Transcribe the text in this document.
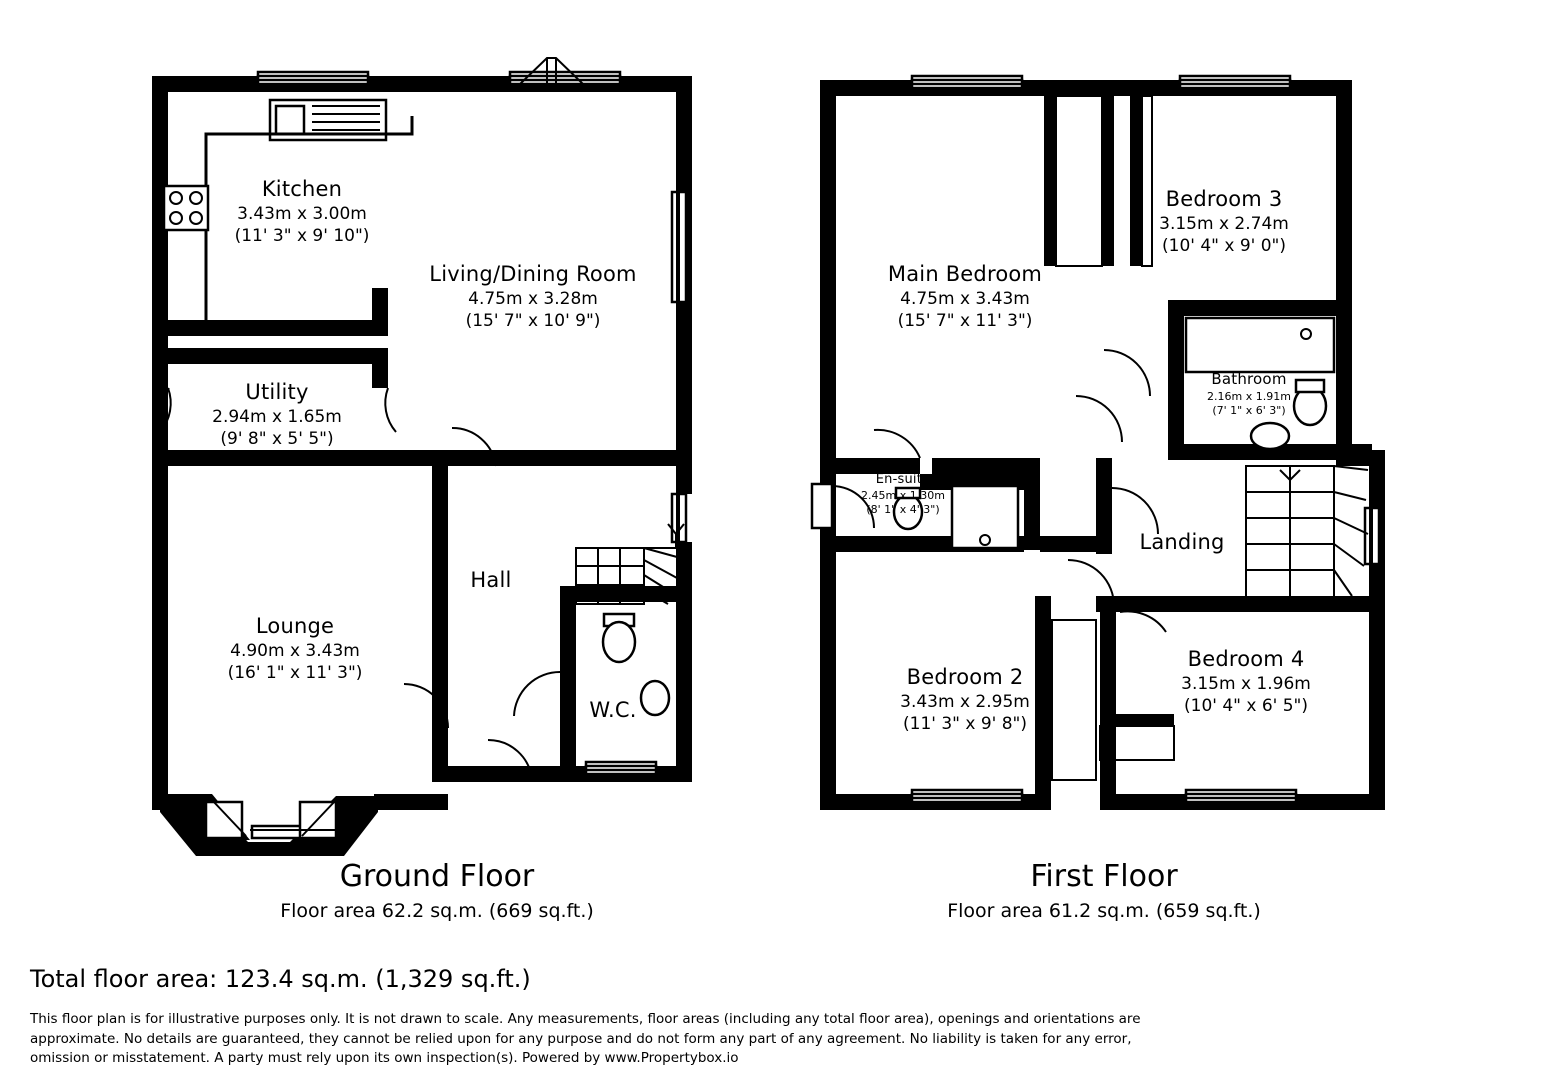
Kitchen
3.43m x 3.00m
(11' 3" x 9' 10")
Living/Dining Room
4.75m x 3.28m
(15' 7" x 10' 9")
Utility
2.94m x 1.65m
(9' 8" x 5' 5")
Lounge
4.90m x 3.43m
(16' 1" x 11' 3")
Hall
W.C.
Main Bedroom
4.75m x 3.43m
(15' 7" x 11' 3")
Bedroom 3
3.15m x 2.74m
(10' 4" x 9' 0")
Bathroom
2.16m x 1.91m
(7' 1" x 6' 3")
En-suite
2.45m x 1.30m
(8' 1" x 4' 3")
Landing
Bedroom 2
3.43m x 2.95m
(11' 3" x 9' 8")
Bedroom 4
3.15m x 1.96m
(10' 4" x 6' 5")
Ground Floor
Floor area 62.2 sq.m. (669 sq.ft.)
First Floor
Floor area 61.2 sq.m. (659 sq.ft.)
Total floor area: 123.4 sq.m. (1,329 sq.ft.)
This floor plan is for illustrative purposes only. It is not drawn to scale. Any measurements, floor areas (including any total floor area), openings and orientations are approximate. No details are guaranteed, they cannot be relied upon for any purpose and do not form any part of any agreement. No liability is taken for any error, omission or misstatement. A party must rely upon its own inspection(s). Powered by www.Propertybox.io
